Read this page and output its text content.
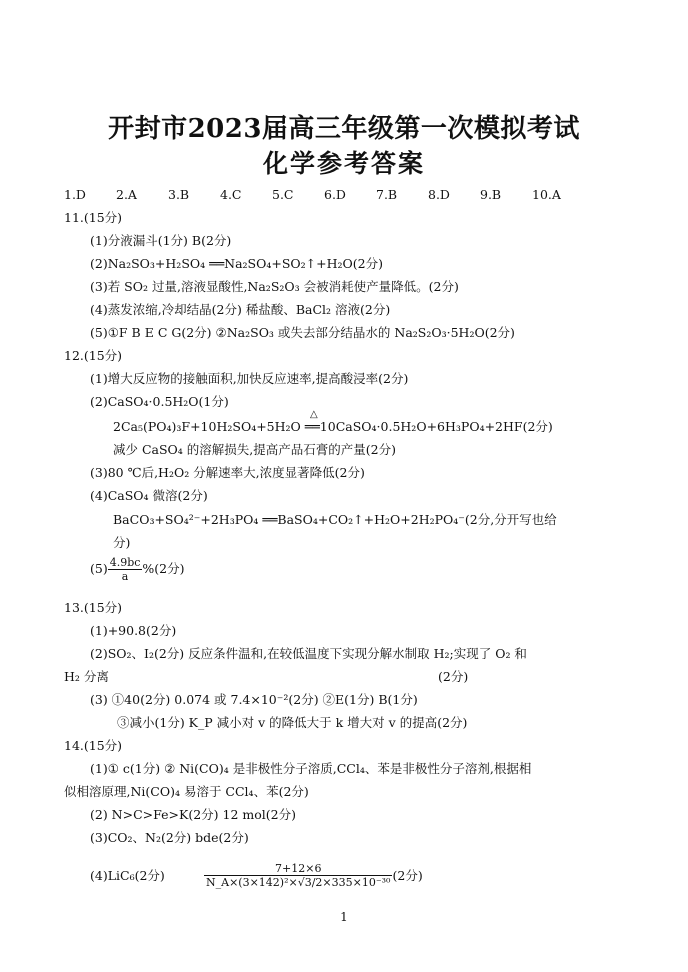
开封市2023届高三年级第一次模拟考试
化学参考答案
1.D 2.A 3.B 4.C 5.C 6.D 7.B 8.D 9.B 10.A
11.(15分)
(1)分液漏斗(1分) B(2分)
(2)Na₂SO₃+H₂SO₄ ══Na₂SO₄+SO₂↑+H₂O(2分)
(3)若 SO₂ 过量,溶液显酸性,Na₂S₂O₃ 会被消耗使产量降低。(2分)
(4)蒸发浓缩,冷却结晶(2分) 稀盐酸、BaCl₂ 溶液(2分)
(5)①F B E C G(2分) ②Na₂SO₃ 或失去部分结晶水的 Na₂S₂O₃·5H₂O(2分)
12.(15分)
(1)增大反应物的接触面积,加快反应速率,提高酸浸率(2分)
(2)CaSO₄·0.5H₂O(1分)
△
2Ca₅(PO₄)₃F+10H₂SO₄+5H₂O ══10CaSO₄·0.5H₂O+6H₃PO₄+2HF(2分)
减少 CaSO₄ 的溶解损失,提高产品石膏的产量(2分)
(3)80 ℃后,H₂O₂ 分解速率大,浓度显著降低(2分)
(4)CaSO₄ 微溶(2分)
BaCO₃+SO₄²⁻+2H₃PO₄ ══BaSO₄+CO₂↑+H₂O+2H₂PO₄⁻(2分,分开写也给
分)
$(5) \frac{4.9bc}{a} \%(2$分)
13.(15分)
(1)+90.8(2分)
(2)SO₂、I₂(2分) 反应条件温和,在较低温度下实现分解水制取 H₂;实现了 O₂ 和
H₂ 分离	(2分)
(3) ①40(2分) 0.074 或 7.4×10⁻²(2分) ②E(1分) B(1分)
③减小(1分) K_P 减小对 v 的降低大于 k 增大对 v 的提高(2分)
14.(15分)
(1)① c(1分) ② Ni(CO)₄ 是非极性分子溶质,CCl₄、苯是非极性分子溶剂,根据相
似相溶原理,Ni(CO)₄ 易溶于 CCl₄、苯(2分)
(2) N>C>Fe>K(2分) 12 mol(2分)
(3)CO₂、N₂(2分) bde(2分)
(4)LiC₆(2分)	$\frac{7+12\times 6}{\text{N\_A×(3×142)²×√3/2×335×10⁻³⁰}} (2$分)
1
